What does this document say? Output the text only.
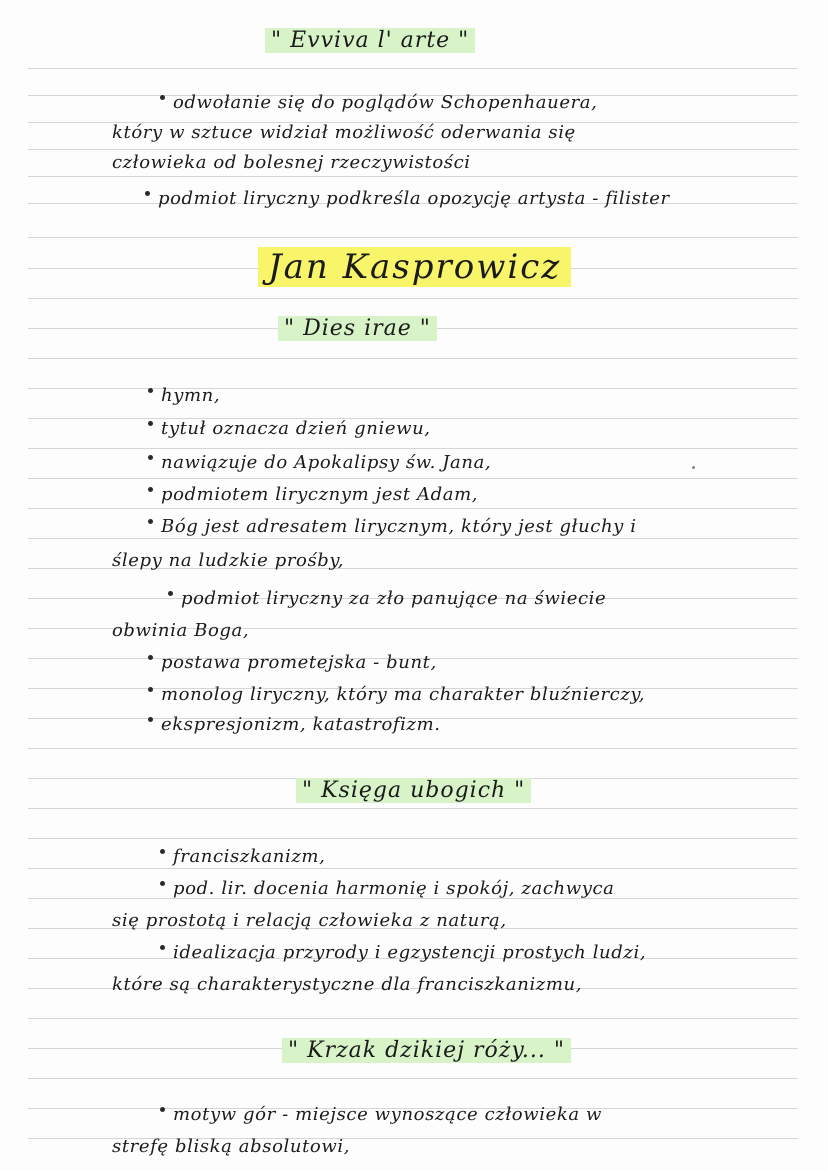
" Evviva l' arte "
odwołanie się do poglądów Schopenhauera,
który w sztuce widział możliwość oderwania się
człowieka od bolesnej rzeczywistości
podmiot liryczny podkreśla opozycję artysta - filister
Jan Kasprowicz
" Dies irae "
hymn,
tytuł oznacza dzień gniewu,
nawiązuje do Apokalipsy św. Jana,
podmiotem lirycznym jest Adam,
Bóg jest adresatem lirycznym, który jest głuchy i
ślepy na ludzkie prośby,
podmiot liryczny za zło panujące na świecie
obwinia Boga,
postawa prometejska - bunt,
monolog liryczny, który ma charakter bluźnierczy,
ekspresjonizm, katastrofizm.
" Księga ubogich "
franciszkanizm,
pod. lir. docenia harmonię i spokój, zachwyca
się prostotą i relacją człowieka z naturą,
idealizacja przyrody i egzystencji prostych ludzi,
które są charakterystyczne dla franciszkanizmu,
" Krzak dzikiej róży... "
motyw gór - miejsce wynoszące człowieka w
strefę bliską absolutowi,
